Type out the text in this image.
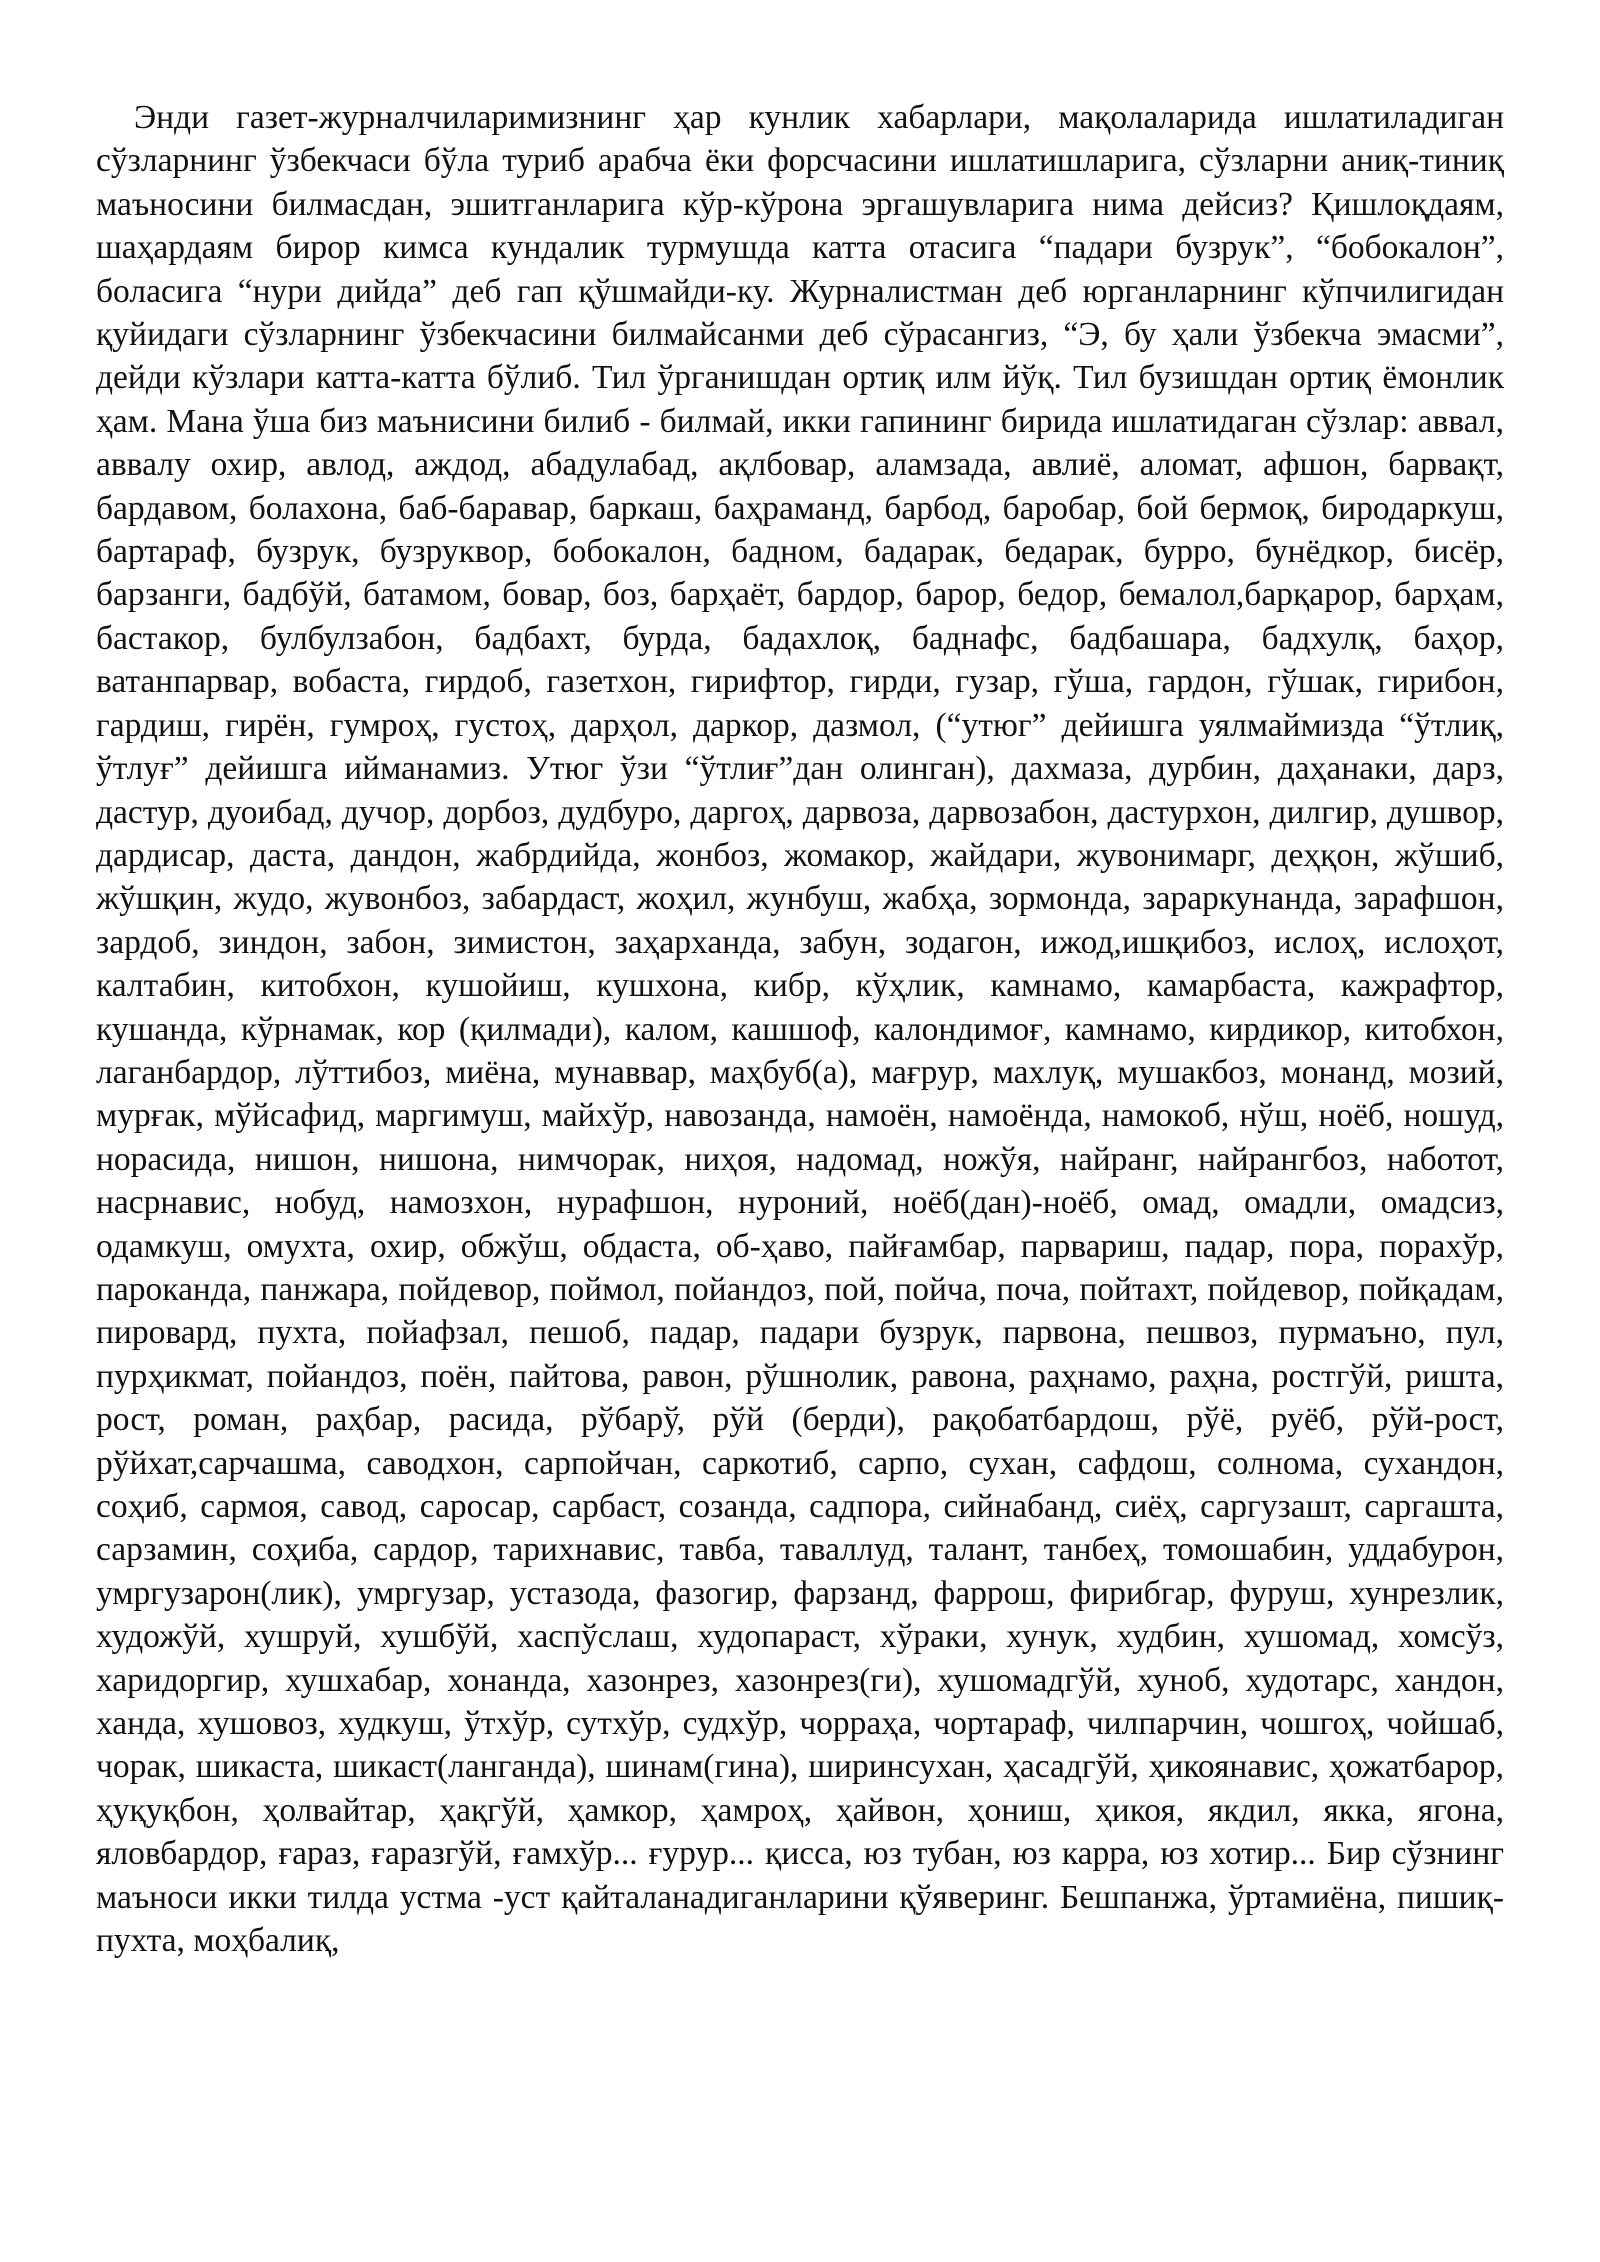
Энди газет-журналчиларимизнинг ҳар кунлик хабарлари, мақолаларида ишлатиладиган сўзларнинг ўзбекчаси бўла туриб арабча ёки форсчасини ишлатишларига, сўзларни аниқ-тиниқ маъносини билмасдан, эшитганларига кўр-кўрона эргашувларига нима дейсиз? Қишлоқдаям, шаҳардаям бирор кимса кундалик турмушда катта отасига “падари бузрук”, “бобокалон”, боласига “нури дийда” деб гап қўшмайди-ку. Журналистман деб юрганларнинг кўпчилигидан қуйидаги сўзларнинг ўзбекчасини билмайсанми деб сўрасангиз, “Э, бу ҳали ўзбекча эмасми”, дейди кўзлари катта-катта бўлиб. Тил ўрганишдан ортиқ илм йўқ. Тил бузишдан ортиқ ёмонлик ҳам. Мана ўша биз маънисини билиб - билмай, икки гапининг бирида ишлатидаган сўзлар: аввал, аввалу охир, авлод, аждод, абадулабад, ақлбовар, аламзада, авлиё, аломат, афшон, барвақт, бардавом, болахона, баб-баравар, баркаш, баҳраманд, барбод, баробар, бой бермоқ, биродаркуш, бартараф, бузрук, бузруквор, бобокалон, бадном, бадарак, бедарак, бурро, бунёдкор, бисёр, барзанги, бадбўй, батамом, бовар, боз, барҳаёт, бардор, барор, бедор, бемалол,барқарор, барҳам, бастакор, булбулзабон, бадбахт, бурда, бадахлоқ, баднафс, бадбашара, бадхулқ, баҳор, ватанпарвар, вобаста, гирдоб, газетхон, гирифтор, гирди, гузар, гўша, гардон, гўшак, гирибон, гардиш, гирён, гумроҳ, густоҳ, дарҳол, даркор, дазмол, (“утюг” дейишга уялмаймизда “ўтлиқ, ўтлуғ” дейишга ийманамиз. Утюг ўзи “ўтлиғ”дан олинган), дахмаза, дурбин, даҳанаки, дарз, дастур, дуоибад, дучор, дорбоз, дудбуро, даргоҳ, дарвоза, дарвозабон, дастурхон, дилгир, душвор, дардисар, даста, дандон, жабрдийда, жонбоз, жомакор, жайдари, жувонимарг, деҳқон, жўшиб, жўшқин, жудо, жувонбоз, забардаст, жоҳил, жунбуш, жабҳа, зормонда, зараркунанда, зарафшон, зардоб, зиндон, забон, зимистон, заҳарханда, забун, зодагон, ижод,ишқибоз, ислоҳ, ислоҳот, калтабин, китобхон, кушойиш, кушхона, кибр, кўҳлик, камнамо, камарбаста, кажрафтор, кушанда, кўрнамак, кор (қилмади), калом, кашшоф, калондимоғ, камнамо, кирдикор, китобхон, лаганбардор, лўттибоз, миёна, мунаввар, маҳбуб(а), мағрур, махлуқ, мушакбоз, монанд, мозий, мурғак, мўйсафид, маргимуш, майхўр, навозанда, намоён, намоёнда, намокоб, нўш, ноёб, ношуд, норасида, нишон, нишона, нимчорак, ниҳоя, надомад, ножўя, найранг, найрангбоз, наботот, насрнавис, нобуд, намозхон, нурафшон, нуроний, ноёб(дан)-ноёб, омад, омадли, омадсиз, одамкуш, омухта, охир, обжўш, обдаста, об-ҳаво, пайғамбар, парвариш, падар, пора, порахўр, пароканда, панжара, пойдевор, поймол, пойандоз, пой, пойча, поча, пойтахт, пойдевор, пойқадам, пировард, пухта, пойафзал, пешоб, падар, падари бузрук, парвона, пешвоз, пурмаъно, пул, пурҳикмат, пойандоз, поён, пайтова, равон, рўшнолик, равона, раҳнамо, раҳна, ростгўй, ришта, рост, роман, раҳбар, расида, рўбарў, рўй (берди), рақобатбардош, рўё, руёб, рўй-рост, рўйхат,сарчашма, саводхон, сарпойчан, саркотиб, сарпо, сухан, сафдош, солнома, сухандон, соҳиб, сармоя, савод, саросар, сарбаст, созанда, садпора, сийнабанд, сиёҳ, саргузашт, саргашта, сарзамин, соҳиба, сардор, тарихнавис, тавба, таваллуд, талант, танбеҳ, томошабин, уддабурон, умргузарон(лик), умргузар, устазода, фазогир, фарзанд, фаррош, фирибгар, фуруш, хунрезлик, художўй, хушруй, хушбўй, хаспўслаш, худопараст, хўраки, хунук, худбин, хушомад, хомсўз, харидоргир, хушхабар, хонанда, хазонрез, хазонрез(ги), хушомадгўй, хуноб, худотарс, хандон, ханда, хушовоз, худкуш, ўтхўр, сутхўр, судхўр, чорраҳа, чортараф, чилпарчин, чошгоҳ, чойшаб, чорак, шикаста, шикаст(ланганда), шинам(гина), ширинсухан, ҳасадгўй, ҳикоянавис, ҳожатбарор, ҳуқуқбон, ҳолвайтар, ҳақгўй, ҳамкор, ҳамроҳ, ҳайвон, ҳониш, ҳикоя, якдил, якка, ягона, яловбардор, ғараз, ғаразгўй, ғамхўр... ғурур... қисса, юз тубан, юз карра, юз хотир... Бир сўзнинг маъноси икки тилда устма -уст қайталанадиганларини қўяверинг. Бешпанжа, ўртамиёна, пишиқ-пухта, моҳбалиқ,
